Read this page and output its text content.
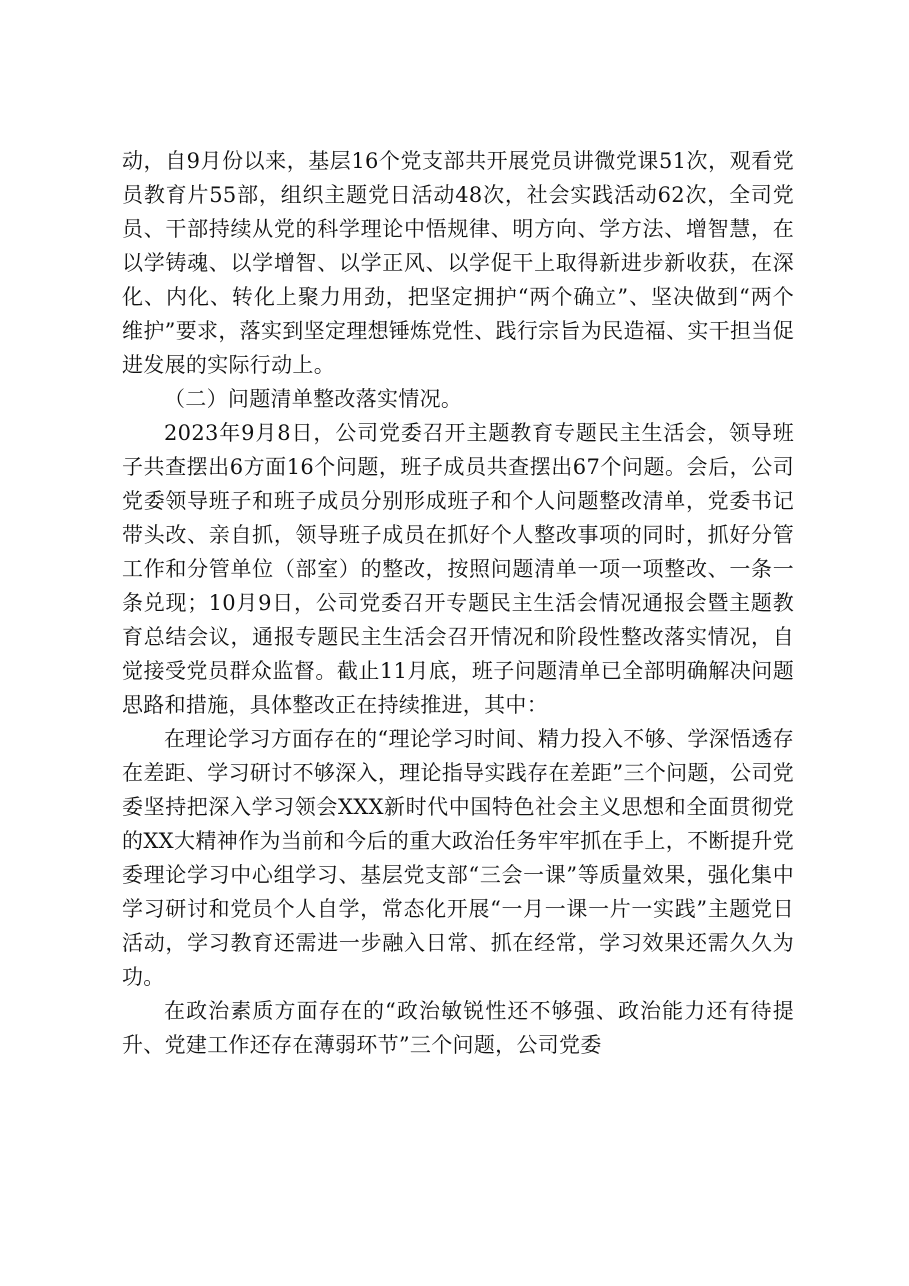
动，自9月份以来，基层16个党支部共开展党员讲微党课51次，观看党员教育片55部，组织主题党日活动48次，社会实践活动62次，全司党员、干部持续从党的科学理论中悟规律、明方向、学方法、增智慧，在以学铸魂、以学增智、以学正风、以学促干上取得新进步新收获，在深化、内化、转化上聚力用劲，把坚定拥护“两个确立”、坚决做到“两个维护”要求，落实到坚定理想锤炼党性、践行宗旨为民造福、实干担当促进发展的实际行动上。

（二）问题清单整改落实情况。

2023年9月8日，公司党委召开主题教育专题民主生活会，领导班子共查摆出6方面16个问题，班子成员共查摆出67个问题。会后，公司党委领导班子和班子成员分别形成班子和个人问题整改清单，党委书记带头改、亲自抓，领导班子成员在抓好个人整改事项的同时，抓好分管工作和分管单位（部室）的整改，按照问题清单一项一项整改、一条一条兑现；10月9日，公司党委召开专题民主生活会情况通报会暨主题教育总结会议，通报专题民主生活会召开情况和阶段性整改落实情况，自觉接受党员群众监督。截止11月底，班子问题清单已全部明确解决问题思路和措施，具体整改正在持续推进，其中：

在理论学习方面存在的“理论学习时间、精力投入不够、学深悟透存在差距、学习研讨不够深入，理论指导实践存在差距”三个问题，公司党委坚持把深入学习领会XXX新时代中国特色社会主义思想和全面贯彻党的XX大精神作为当前和今后的重大政治任务牢牢抓在手上，不断提升党委理论学习中心组学习、基层党支部“三会一课”等质量效果，强化集中学习研讨和党员个人自学，常态化开展“一月一课一片一实践”主题党日活动，学习教育还需进一步融入日常、抓在经常，学习效果还需久久为功。

在政治素质方面存在的“政治敏锐性还不够强、政治能力还有待提升、党建工作还存在薄弱环节”三个问题，公司党委
